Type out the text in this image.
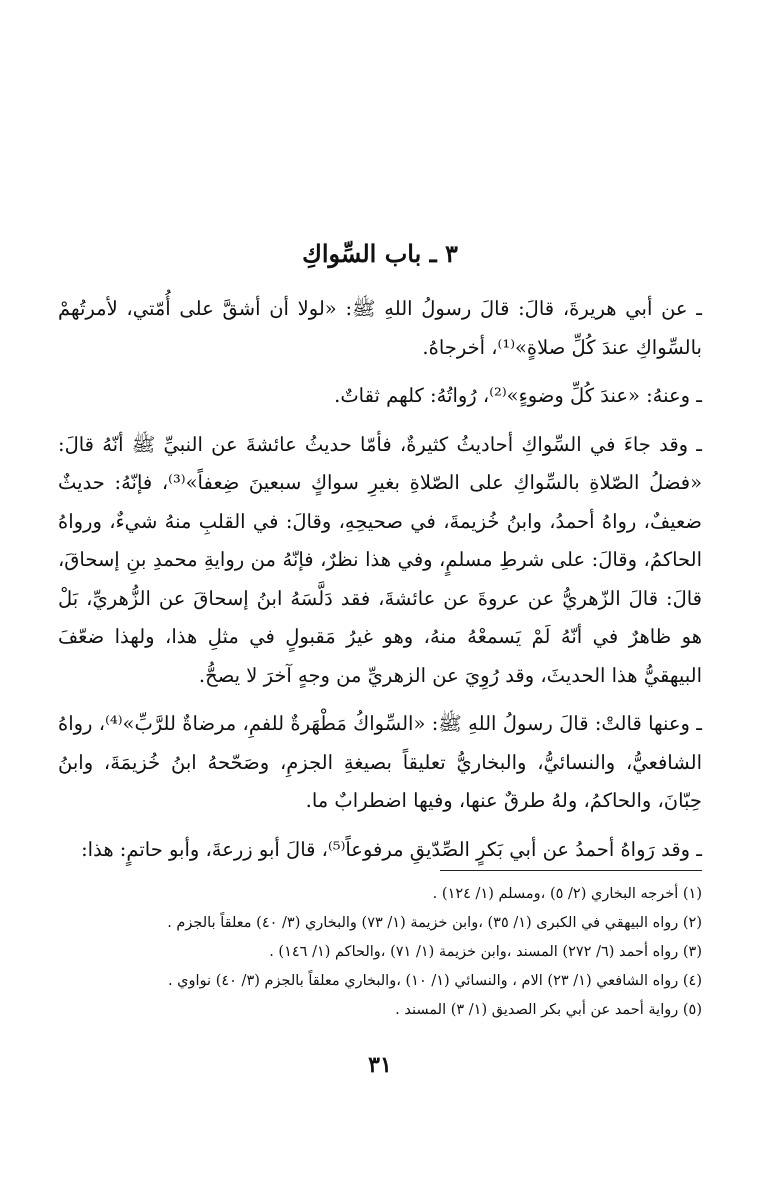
٣ ـ باب السِّواكِ

ـ عن أبي هريرةَ، قالَ: قالَ رسولُ اللهِ ﷺ: «لولا أن أشقَّ على أُمّتي، لأمرتُهمْ بالسِّواكِ عندَ كُلِّ صلاةٍ»⁽¹⁾، أخرجاهُ.

ـ وعنهُ: «عندَ كُلِّ وضوءٍ»⁽²⁾، رُواتُهُ: كلهم ثقاتٌ.

ـ وقد جاءَ في السِّواكِ أحاديثُ كثيرةٌ، فأمّا حديثُ عائشةَ عن النبيِّ ﷺ أنّهُ قالَ: «فضلُ الصّلاةِ بالسِّواكِ على الصّلاةِ بغيرِ سواكٍ سبعينَ ضِعفاً»⁽³⁾، فإنّهُ: حديثٌ ضعيفٌ، رواهُ أحمدُ، وابنُ خُزيمةَ، في صحيحِهِ، وقالَ: في القلبِ منهُ شيءٌ، ورواهُ الحاكمُ، وقالَ: على شرطِ مسلمٍ، وفي هذا نظرٌ، فإنّهُ من روايةِ محمدِ بنِ إسحاقَ، قالَ: قالَ الزّهريُّ عن عروةَ عن عائشةَ، فقد دَلَّسَهُ ابنُ إسحاقَ عن الزُّهريِّ، بَلْ هو ظاهرٌ في أنّهُ لَمْ يَسمعْهُ منهُ، وهو غيرُ مَقبولٍ في مثلِ هذا، ولهذا ضعّفَ البيهقيُّ هذا الحديثَ، وقد رُوِيَ عن الزهريِّ من وجهٍ آخرَ لا يصحُّ.

ـ وعنها قالتْ: قالَ رسولُ اللهِ ﷺ: «السِّواكُ مَطْهَرةٌ للفمِ، مرضاةٌ للرَّبِّ»⁽⁴⁾، رواهُ الشافعيُّ، والنسائيُّ، والبخاريُّ تعليقاً بصيغةِ الجزمِ، وصَحّحهُ ابنُ خُزيمَةَ، وابنُ حِبّانَ، والحاكمُ، ولهُ طرقٌ عنها، وفيها اضطرابٌ ما.

ـ وقد رَواهُ أحمدُ عن أبي بَكرٍ الصِّدّيقِ مرفوعاً⁽⁵⁾، قالَ أبو زرعةَ، وأبو حاتمٍ: هذا:

(١) أخرجه البخاري (٢/ ٥) ،ومسلم (١/ ١٢٤) .

(٢) رواه البيهقي في الكبرى (١/ ٣٥) ،وابن خزيمة (١/ ٧٣) والبخاري (٣/ ٤٠) معلقاً بالجزم .

(٣) رواه أحمد (٦/ ٢٧٢) المسند ،وابن خزيمة (١/ ٧١) ،والحاكم (١/ ١٤٦) .

(٤) رواه الشافعي (١/ ٢٣) الام ، والنسائي (١/ ١٠) ،والبخاري معلقاً بالجزم (٣/ ٤٠) نواوي .

(٥) رواية أحمد عن أبي بكر الصديق (١/ ٣) المسند .

٣١
